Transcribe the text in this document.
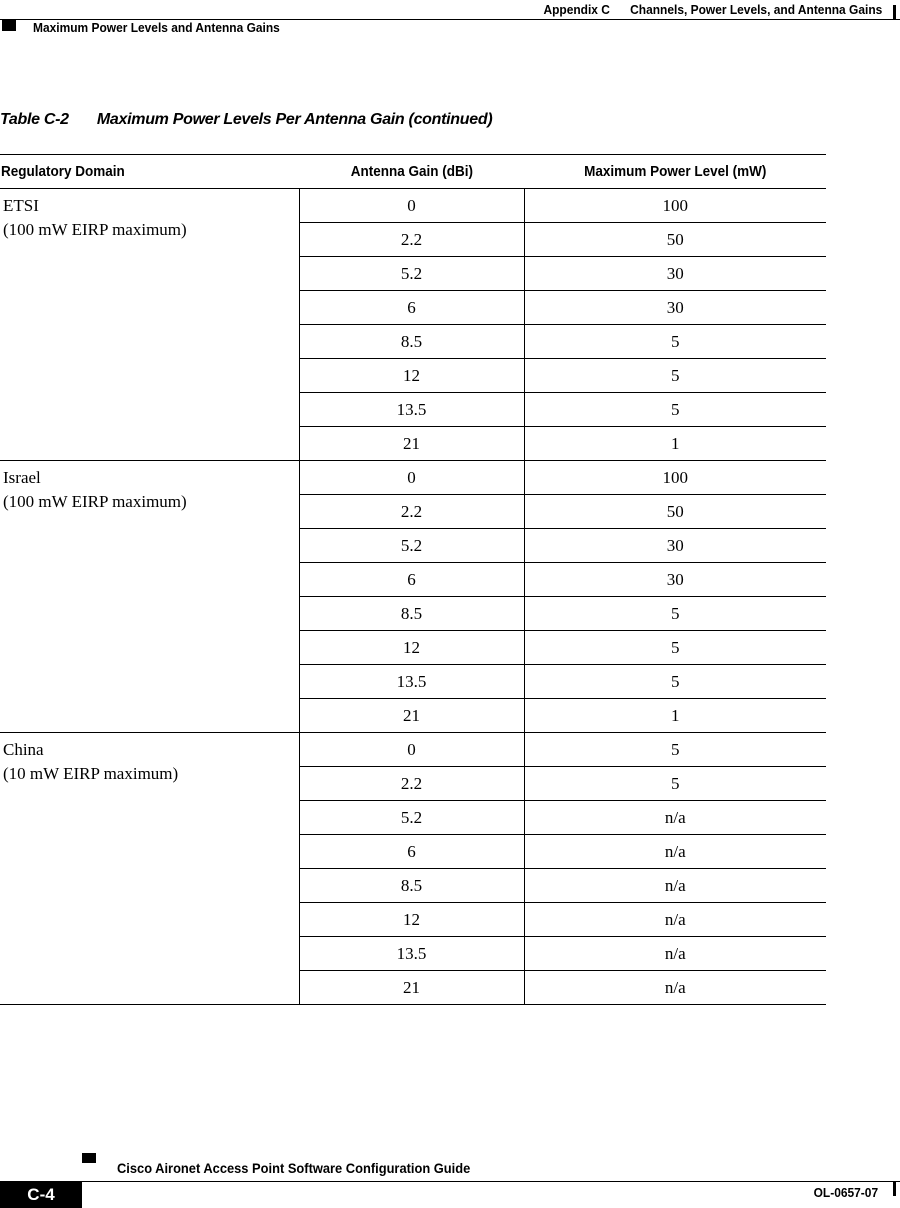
Appendix C Channels, Power Levels, and Antenna Gains
Maximum Power Levels and Antenna Gains
Table C-2 Maximum Power Levels Per Antenna Gain (continued)
Regulatory Domain	Antenna Gain (dBi)	Maximum Power Level (mW)

ETSI
(100 mW EIRP maximum)	0	100
	2.2	50
	5.2	30
	6	30
	8.5	5
	12	5
	13.5	5
	21	1

Israel
(100 mW EIRP maximum)	0	100
	2.2	50
	5.2	30
	6	30
	8.5	5
	12	5
	13.5	5
	21	1

China
(10 mW EIRP maximum)	0	5
	2.2	5
	5.2	n/a
	6	n/a
	8.5	n/a
	12	n/a
	13.5	n/a
	21	n/a
Cisco Aironet Access Point Software Configuration Guide
C-4	OL-0657-07
